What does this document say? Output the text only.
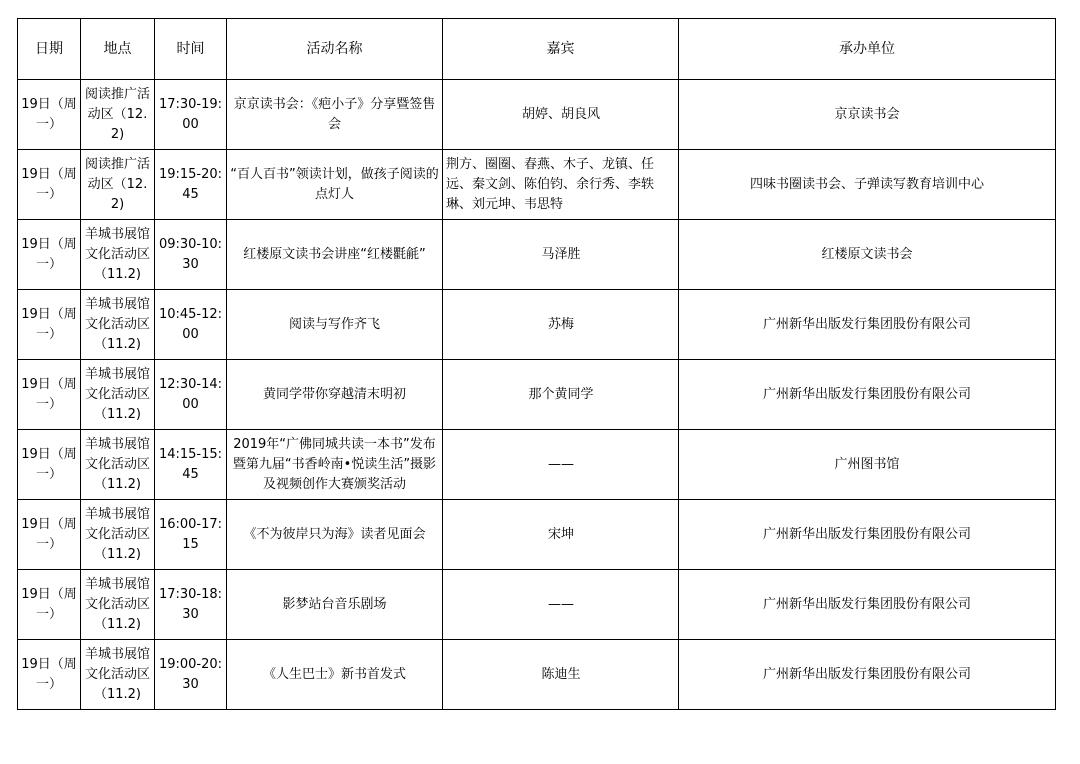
日期	地点	时间	活动名称	嘉宾	承办单位
19日（周一）	阅读推广活动区（12.2)	17:30-19:00	京京读书会：《疤小子》分享暨签售会	胡婷、胡良风	京京读书会
19日（周一）	阅读推广活动区（12.2)	19:15-20:45	“百人百书”领读计划，做孩子阅读的点灯人	荆方、圈圈、春燕、木子、龙镇、任远、秦文剑、陈伯钧、余行秀、李轶琳、刘元坤、韦思特	四味书圈读书会、子弹读写教育培训中心
19日（周一）	羊城书展馆文化活动区（11.2)	09:30-10:30	红楼原文读书会讲座“红楼氍毹”	马泽胜	红楼原文读书会
19日（周一）	羊城书展馆文化活动区（11.2)	10:45-12:00	阅读与写作齐飞	苏梅	广州新华出版发行集团股份有限公司
19日（周一）	羊城书展馆文化活动区（11.2)	12:30-14:00	黄同学带你穿越清末明初	那个黄同学	广州新华出版发行集团股份有限公司
19日（周一）	羊城书展馆文化活动区（11.2)	14:15-15:45	2019年“广佛同城共读一本书”发布暨第九届“书香岭南•悦读生活”摄影及视频创作大赛颁奖活动	——	广州图书馆
19日（周一）	羊城书展馆文化活动区（11.2)	16:00-17:15	《不为彼岸只为海》读者见面会	宋坤	广州新华出版发行集团股份有限公司
19日（周一）	羊城书展馆文化活动区（11.2)	17:30-18:30	影梦站台音乐剧场	——	广州新华出版发行集团股份有限公司
19日（周一）	羊城书展馆文化活动区（11.2)	19:00-20:30	《人生巴士》新书首发式	陈迪生	广州新华出版发行集团股份有限公司
